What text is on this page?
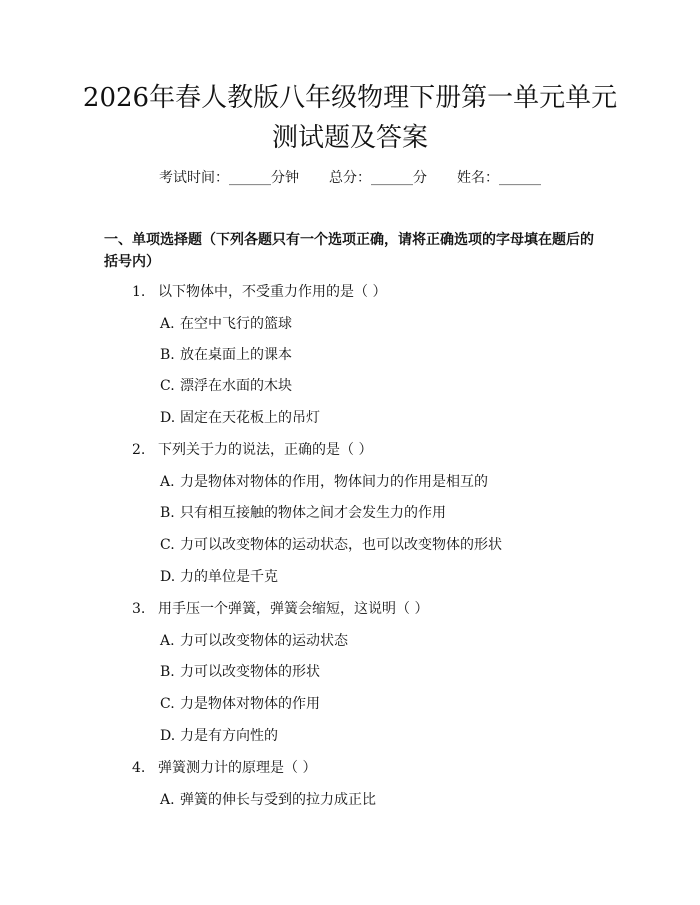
2026年春人教版八年级物理下册第一单元单元测试题及答案
考试时间：______分钟 总分：______分 姓名：______

一、单项选择题（下列各题只有一个选项正确，请将正确选项的字母填在题后的括号内）

1. 以下物体中，不受重力作用的是（ ）
A. 在空中飞行的篮球
B. 放在桌面上的课本
C. 漂浮在水面的木块
D. 固定在天花板上的吊灯
2. 下列关于力的说法，正确的是（ ）
A. 力是物体对物体的作用，物体间力的作用是相互的
B. 只有相互接触的物体之间才会发生力的作用
C. 力可以改变物体的运动状态，也可以改变物体的形状
D. 力的单位是千克
3. 用手压一个弹簧，弹簧会缩短，这说明（ ）
A. 力可以改变物体的运动状态
B. 力可以改变物体的形状
C. 力是物体对物体的作用
D. 力是有方向性的
4. 弹簧测力计的原理是（ ）
A. 弹簧的伸长与受到的拉力成正比
